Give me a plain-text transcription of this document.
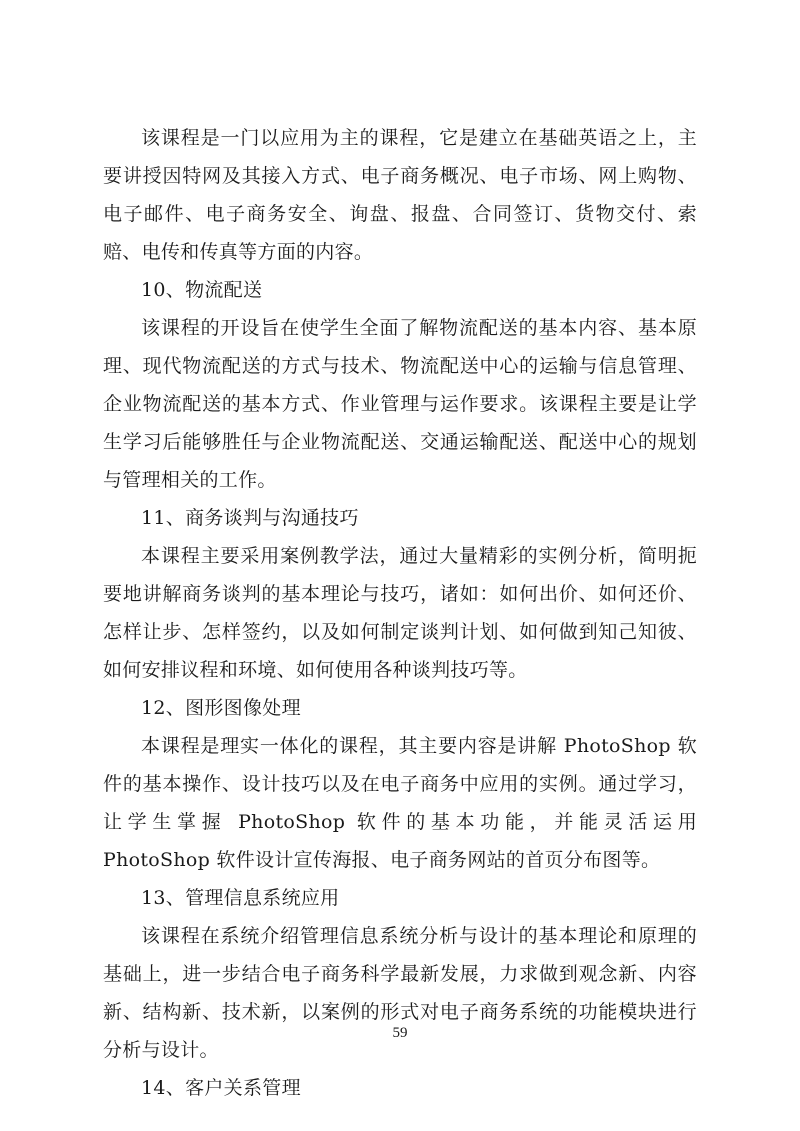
该课程是一门以应用为主的课程，它是建立在基础英语之上，主要讲授因特网及其接入方式、电子商务概况、电子市场、网上购物、电子邮件、电子商务安全、询盘、报盘、合同签订、货物交付、索赔、电传和传真等方面的内容。

10、物流配送

该课程的开设旨在使学生全面了解物流配送的基本内容、基本原理、现代物流配送的方式与技术、物流配送中心的运输与信息管理、企业物流配送的基本方式、作业管理与运作要求。该课程主要是让学生学习后能够胜任与企业物流配送、交通运输配送、配送中心的规划与管理相关的工作。

11、商务谈判与沟通技巧

本课程主要采用案例教学法，通过大量精彩的实例分析，简明扼要地讲解商务谈判的基本理论与技巧，诸如：如何出价、如何还价、怎样让步、怎样签约，以及如何制定谈判计划、如何做到知己知彼、如何安排议程和环境、如何使用各种谈判技巧等。

12、图形图像处理

本课程是理实一体化的课程，其主要内容是讲解 PhotoShop 软件的基本操作、设计技巧以及在电子商务中应用的实例。通过学习，让学生掌握 PhotoShop 软件的基本功能，并能灵活运用 PhotoShop 软件设计宣传海报、电子商务网站的首页分布图等。

13、管理信息系统应用

该课程在系统介绍管理信息系统分析与设计的基本理论和原理的基础上，进一步结合电子商务科学最新发展，力求做到观念新、内容新、结构新、技术新，以案例的形式对电子商务系统的功能模块进行分析与设计。

14、客户关系管理

59
